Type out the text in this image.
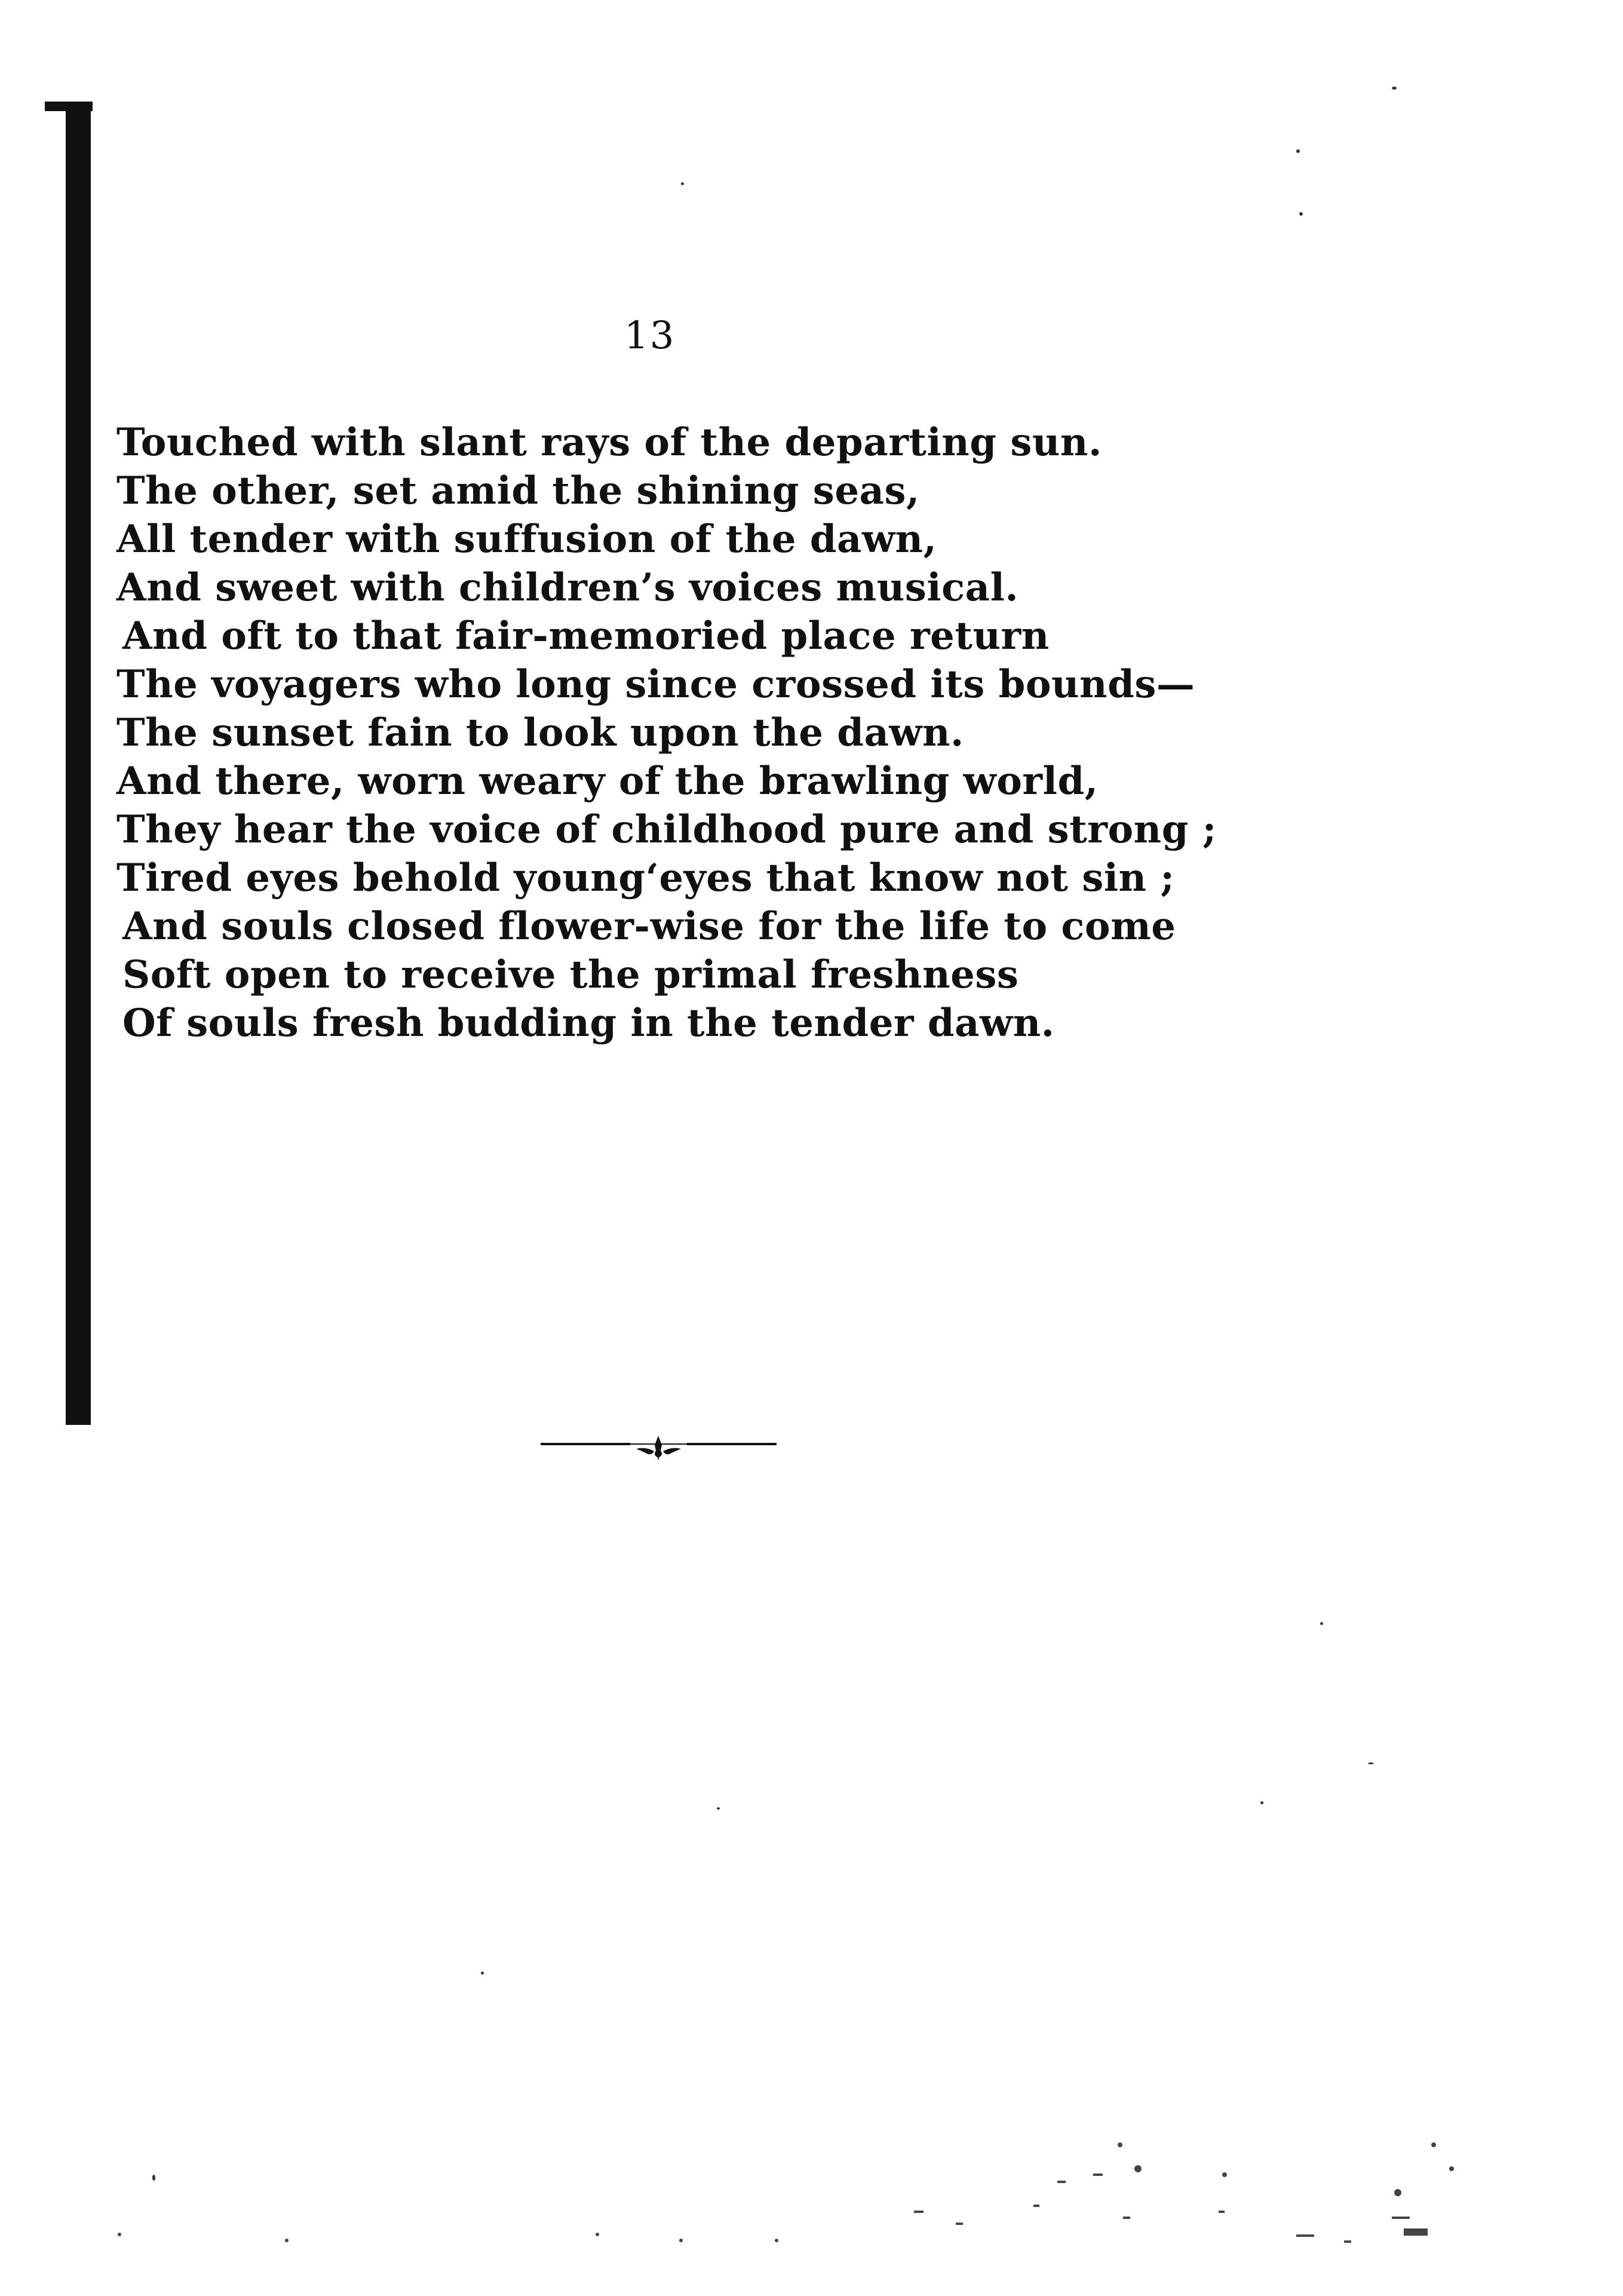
13
Touched with slant rays of the departing sun.
The other, set amid the shining seas,
All tender with suffusion of the dawn,
And sweet with children’s voices musical.
And oft to that fair-memoried place return
The voyagers who long since crossed its bounds—
The sunset fain to look upon the dawn.
And there, worn weary of the brawling world,
They hear the voice of childhood pure and strong ;
Tired eyes behold young‘eyes that know not sin ;
And souls closed flower-wise for the life to come
Soft open to receive the primal freshness
Of souls fresh budding in the tender dawn.
